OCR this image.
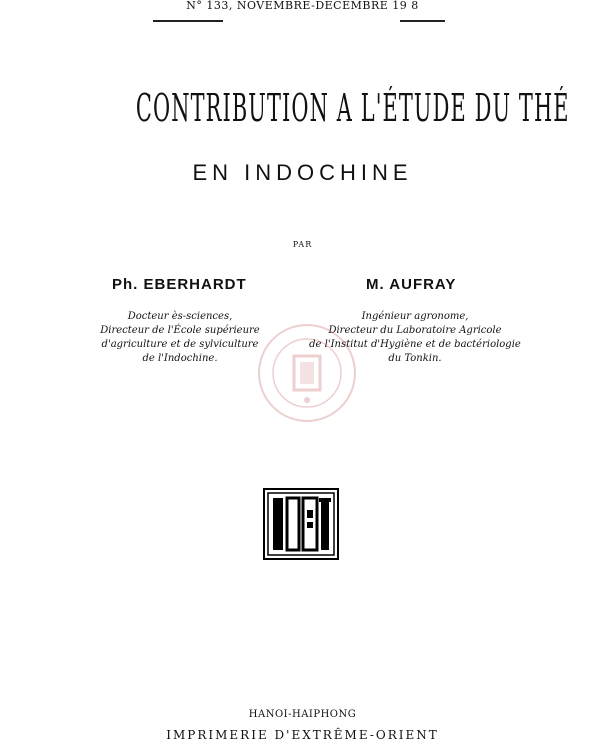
N° 133, NOVEMBRE-DÉCEMBRE 19 8
CONTRIBUTION A L'ÉTUDE DU THÉ
EN INDOCHINE
PAR
Ph. EBERHARDT	M. AUFRAY
Docteur ès-sciences,
Directeur de l'École supérieure
d'agriculture et de sylviculture
de l'Indochine.
Ingénieur agronome,
Directeur du Laboratoire Agricole
de l'Institut d'Hygiène et de bactériologie
du Tonkin.
HANOI-HAIPHONG
IMPRIMERIE D'EXTRÊME-ORIENT
